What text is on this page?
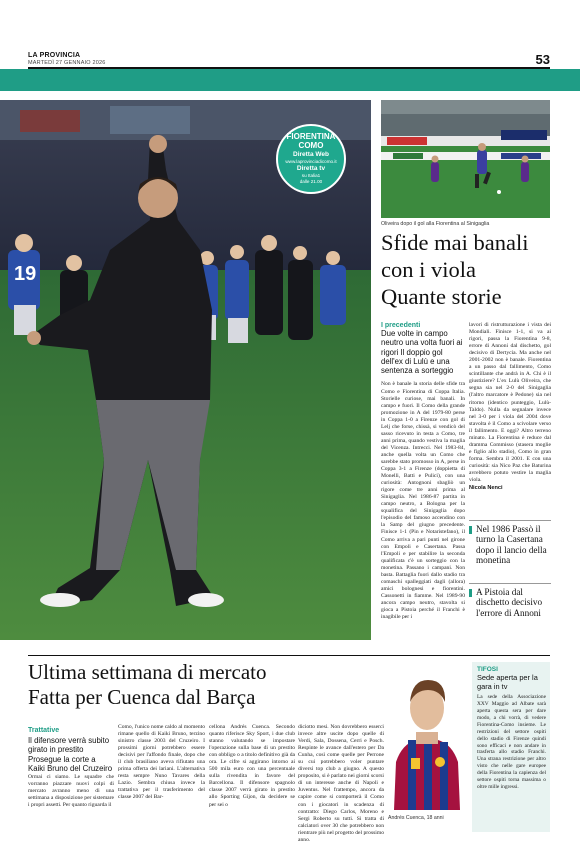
LA PROVINCIA
MARTEDÌ 27 GENNAIO 2026	53
19
FIORENTINA
COMO
Diretta Web
www.laprovinciadicomo.it
Diretta tv
su Italia1
dalle 21.00
Oliveira dopo il gol alla Fiorentina al Sinigaglia
Sfide mai banali
con i viola
Quante storie
I precedenti
Due volte in campo neutro una volta fuori ai rigori Il doppio gol dell'ex di Lulù e una sentenza a sorteggio
Non è banale la storia delle sfide tra Como e Fiorentina di Coppa Italia. Storielle curiose, mai banali. In campo e fuori. Il Como della grande promozione in A del 1979-80 perse in Coppa 1-0 a Firenze con gol di Lelj che forse, chissà, si vendicò del sasso ricevuto in testa a Como, tre anni prima, quando vestiva la maglia del Vicenza. Intrecci. Nel 1983-84, anche quella volta un Como che sarebbe stato promosso in A, perse in Coppa 3-1 a Firenze (doppietta di Monelli, Batti e Pulici), con una curiosità: Antognoni sbagliò un rigore come tre anni prima al Sinigaglia. Nel 1986-87 partita in campo neutro, a Bologna per la squalifica del Sinigaglia dopo l'episodio del famoso accendino con la Samp del giugno precedente. Finisce 1-1 (Pin e Notaristefano), il Como arriva a pari punti nel girone con Empoli e Casertana. Passa l'Empoli e per stabilire la seconda qualificata c'è un sorteggio con la monetina. Passano i campani. Non basta. Battaglia fuori dallo stadio tra comaschi spalleggiati dagli (allora) amici bolognesi e fiorentini. Cassonetti in fiamme. Nel 1989-90 ancora campo neutro, stavolta si gioca a Pistoia perché il Franchi è inagibile per i
lavori di ristrutturazione i vista dei Mondiali. Finisce 1-1, si va ai rigori, passa la Fiorentina 9-8, errore di Annoni dal dischetto, gol decisivo di Dertycia. Ma anche nel 2001-2002 non è banale. Fiorentina a un passo dal fallimento, Como scintillante che andrà in A. Chi è il giustiziere? L'ex Lulù Oliveira, che segna sia nel 2-0 del Sinigaglia (l'altro marcatore è Pedone) sia nel ritorno (identico punteggio, Lulù-Taldo). Nulla da segnalare invece nel 3-0 per i viola del 2004 dove stavolta è il Como a scivolare verso il fallimento. E oggi? Altro terreno minato. La Fiorentina è reduce dal dramma Commisso (stasera moglie e figlio allo stadio), Como in gran forma. Sembra il 2001. E con una curiosità: sia Nico Paz che Baturina avrebbero potuto vestire la maglia viola.
Nicola Nenci
Nel 1986 Passò il turno la Casertana dopo il lancio della monetina
A Pistoia dal dischetto decisivo l'errore di Annoni
Ultima settimana di mercato
Fatta per Cuenca dal Barça
Trattative
Il difensore verrà subito girato in prestito Prosegue la corte a Kaiki Bruno del Cruzeiro
Ormai ci siamo. Le squadre che vorranno piazzare nuovi colpi di mercato avranno meno di una settimana a disposizione per sistemare i propri assetti. Per quanto riguarda il
Como, l'unico nome caldo al momento rimane quello di Kaiki Bruno, terzino sinistro classe 2003 del Cruzeiro. I prossimi giorni potrebbero essere decisivi per l'affondo finale, dopo che il club brasiliano aveva rifiutato una prima offerta dei lariani. L'alternativa resta sempre Nuno Tavares della Lazio. Sembra chiusa invece la trattativa per il trasferimento del classe 2007 del Bar-
cellona Andrés Cuenca. Secondo quanto riferisce Sky Sport, i due club stanno valutando se impostare l'operazione sulla base di un prestito con obbligo o a titolo definitivo già da ora. Le cifre si aggirano intorno ai 500 mila euro con una percentuale sulla rivendita in favore del Barcellona. Il difensore spagnolo classe 2007 verrà girato in prestito allo Sporting Gijon, da decidere se per sei o
diciotto mesi. Non dovrebbero esserci invece altre uscite dopo quelle di Verdi, Sala, Dossena, Cerri e Posch. Respinte le avance dall'estero per Da Cunha, così come quelle per Perrone su cui potrebbero voler puntare diversi top club a giugno. A questo proposito, si è parlato nei giorni scorsi di un interesse anche di Napoli e Juventus. Nel frattempo, ancora da capire come si comporterà il Como con i giocatori in scadenza di contratto: Diego Carlos, Moreno e Sergi Roberto su tutti. Si tratta di calciatori over 30 che potrebbero non rientrare più nel progetto del prossimo anno.
Andrés Cuenca, 18 anni
TIFOSI
Sede aperta per la gara in tv
La sede della Associazione XXV Maggio ad Albate sarà aperta questa sera per dare modo, a chi vorrà, di vedere Fiorentina-Como insieme. Le restrizioni del settore ospiti dello stadio di Firenze quindi sono efficaci e non andare in trasferta allo stadio Franchi. Una strana restrizione per altro visto che nelle gare europee della Fiorentina la capienza del settore ospiti torna massima o oltre mille ingressi.
